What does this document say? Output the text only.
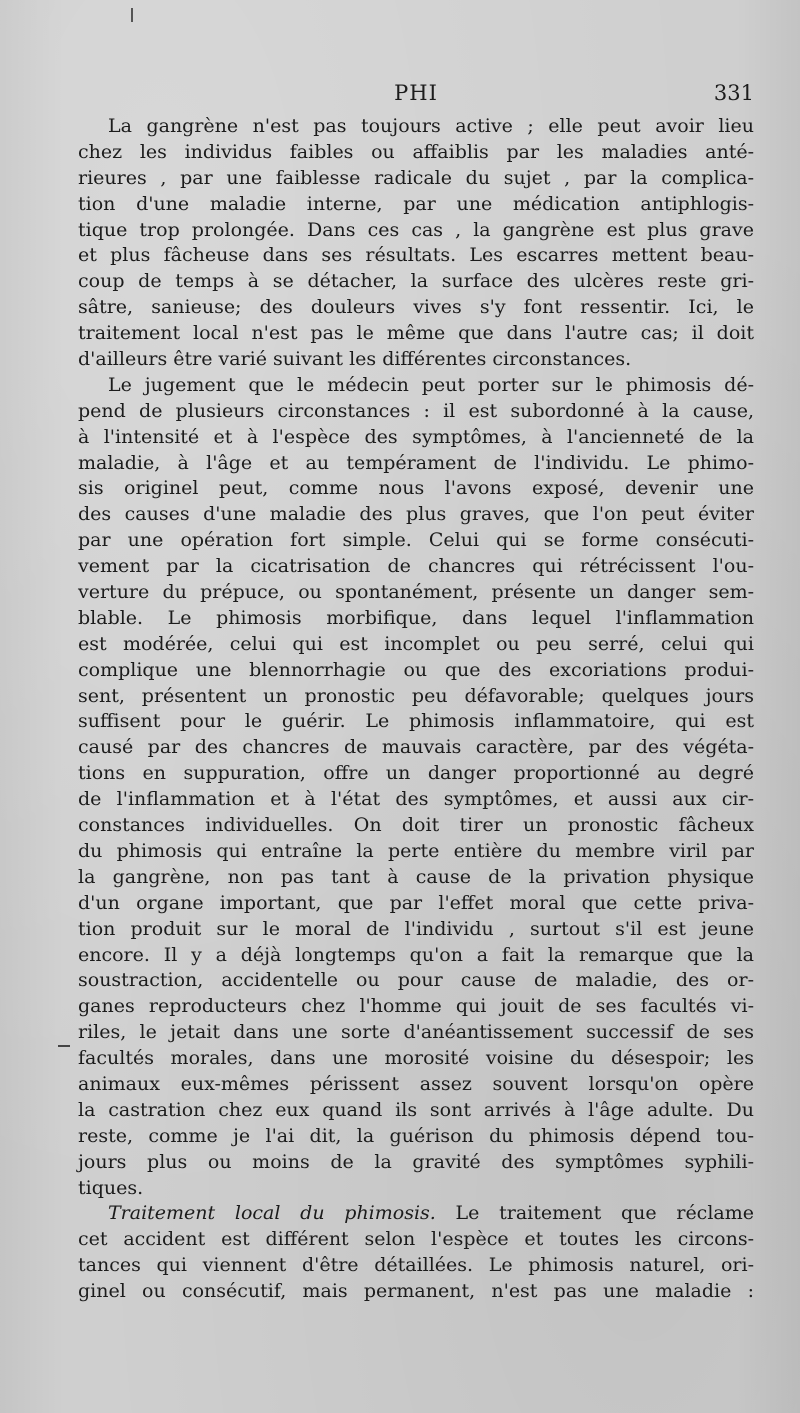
PHI	331
La gangrène n'est pas toujours active ; elle peut avoir lieu
chez les individus faibles ou affaiblis par les maladies anté-
rieures , par une faiblesse radicale du sujet , par la complica-
tion d'une maladie interne, par une médication antiphlogis-
tique trop prolongée. Dans ces cas , la gangrène est plus grave
et plus fâcheuse dans ses résultats. Les escarres mettent beau-
coup de temps à se détacher, la surface des ulcères reste gri-
sâtre, sanieuse; des douleurs vives s'y font ressentir. Ici, le
traitement local n'est pas le même que dans l'autre cas; il doit
d'ailleurs être varié suivant les différentes circonstances.
Le jugement que le médecin peut porter sur le phimosis dé-
pend de plusieurs circonstances : il est subordonné à la cause,
à l'intensité et à l'espèce des symptômes, à l'ancienneté de la
maladie, à l'âge et au tempérament de l'individu. Le phimo-
sis originel peut, comme nous l'avons exposé, devenir une
des causes d'une maladie des plus graves, que l'on peut éviter
par une opération fort simple. Celui qui se forme consécuti-
vement par la cicatrisation de chancres qui rétrécissent l'ou-
verture du prépuce, ou spontanément, présente un danger sem-
blable. Le phimosis morbifique, dans lequel l'inflammation
est modérée, celui qui est incomplet ou peu serré, celui qui
complique une blennorrhagie ou que des excoriations produi-
sent, présentent un pronostic peu défavorable; quelques jours
suffisent pour le guérir. Le phimosis inflammatoire, qui est
causé par des chancres de mauvais caractère, par des végéta-
tions en suppuration, offre un danger proportionné au degré
de l'inflammation et à l'état des symptômes, et aussi aux cir-
constances individuelles. On doit tirer un pronostic fâcheux
du phimosis qui entraîne la perte entière du membre viril par
la gangrène, non pas tant à cause de la privation physique
d'un organe important, que par l'effet moral que cette priva-
tion produit sur le moral de l'individu , surtout s'il est jeune
encore. Il y a déjà longtemps qu'on a fait la remarque que la
soustraction, accidentelle ou pour cause de maladie, des or-
ganes reproducteurs chez l'homme qui jouit de ses facultés vi-
riles, le jetait dans une sorte d'anéantissement successif de ses
facultés morales, dans une morosité voisine du désespoir; les
animaux eux-mêmes périssent assez souvent lorsqu'on opère
la castration chez eux quand ils sont arrivés à l'âge adulte. Du
reste, comme je l'ai dit, la guérison du phimosis dépend tou-
jours plus ou moins de la gravité des symptômes syphili-
tiques.
Traitement local du phimosis. Le traitement que réclame
cet accident est différent selon l'espèce et toutes les circons-
tances qui viennent d'être détaillées. Le phimosis naturel, ori-
ginel ou consécutif, mais permanent, n'est pas une maladie :
